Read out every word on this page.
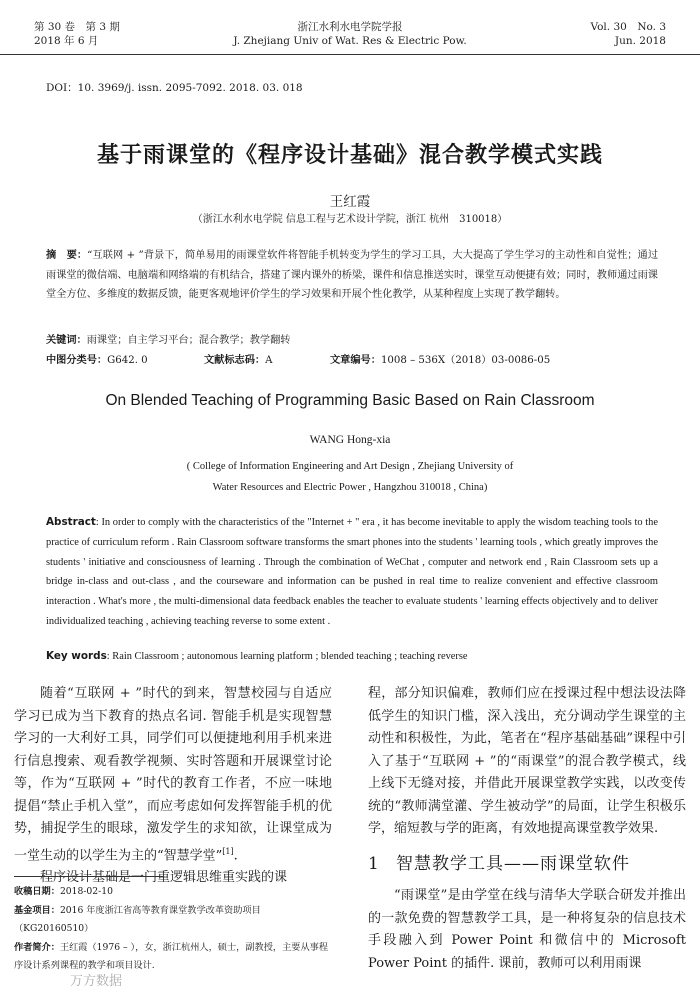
第 30 卷　第 3 期
2018 年 6 月
浙江水利水电学院学报
J. Zhejiang Univ of Wat. Res & Electric Pow.
Vol. 30　No. 3
Jun. 2018
DOI：10. 3969/j. issn. 2095-7092. 2018. 03. 018
基于雨课堂的《程序设计基础》混合教学模式实践
王红霞
（浙江水利水电学院 信息工程与艺术设计学院，浙江 杭州　310018）
摘　要：“互联网 + ”背景下，简单易用的雨课堂软件将智能手机转变为学生的学习工具，大大提高了学生学习的主动性和自觉性；通过雨课堂的微信端、电脑端和网络端的有机结合，搭建了课内课外的桥梁，课件和信息推送实时，课堂互动便捷有效；同时，教师通过雨课堂全方位、多维度的数据反馈，能更客观地评价学生的学习效果和开展个性化教学，从某种程度上实现了教学翻转。
关键词：雨课堂；自主学习平台；混合教学；教学翻转
中图分类号：G642. 0	文献标志码：A	文章编号：1008 – 536X（2018）03-0086-05
On Blended Teaching of Programming Basic Based on Rain Classroom
WANG Hong-xia
( College of Information Engineering and Art Design , Zhejiang University of
Water Resources and Electric Power , Hangzhou 310018 , China)
Abstract: In order to comply with the characteristics of the "Internet + " era , it has become inevitable to apply the wisdom teaching tools to the practice of curriculum reform . Rain Classroom software transforms the smart phones into the students ' learning tools , which greatly improves the students ' initiative and consciousness of learning . Through the combination of WeChat , computer and network end , Rain Classroom sets up a bridge in-class and out-class , and the courseware and information can be pushed in real time to realize convenient and effective classroom interaction . What's more , the multi-dimensional data feedback enables the teacher to evaluate students ' learning effects objectively and to deliver individualized teaching , achieving teaching reverse to some extent .
Key words: Rain Classroom ; autonomous learning platform ; blended teaching ; teaching reverse

随着“互联网 + ”时代的到来，智慧校园与自适应学习已成为当下教育的热点名词. 智能手机是实现智慧学习的一大利好工具，同学们可以便捷地利用手机来进行信息搜索、观看教学视频、实时答题和开展课堂讨论等，作为“互联网 + ”时代的教育工作者，不应一味地提倡“禁止手机入堂”，而应考虑如何发挥智能手机的优势，捕捉学生的眼球，激发学生的求知欲，让课堂成为一堂生动的以学生为主的“智慧学堂”[1].

程序设计基础是一门重逻辑思维重实践的课

程，部分知识偏难，教师们应在授课过程中想法设法降低学生的知识门槛，深入浅出，充分调动学生课堂的主动性和积极性，为此，笔者在“程序基础基础”课程中引入了基于“互联网 + ”的“雨课堂”的混合教学模式，线上线下无缝对接，并借此开展课堂教学实践，以改变传统的“教师满堂灌、学生被动学”的局面，让学生积极乐学，缩短教与学的距离，有效地提高课堂教学效果.

1 智慧教学工具——雨课堂软件

“雨课堂”是由学堂在线与清华大学联合研发并推出的一款免费的智慧教学工具，是一种将复杂的信息技术手段融入到 Power Point 和微信中的 Microsoft Power Point 的插件. 课前，教师可以利用雨课

收稿日期：2018-02-10

基金项目：2016 年度浙江省高等教育课堂教学改革资助项目（KG20160510）

作者简介：王红霞（1976 – ），女，浙江杭州人，硕士，副教授，主要从事程序设计系列课程的教学和项目设计.

万方数据
